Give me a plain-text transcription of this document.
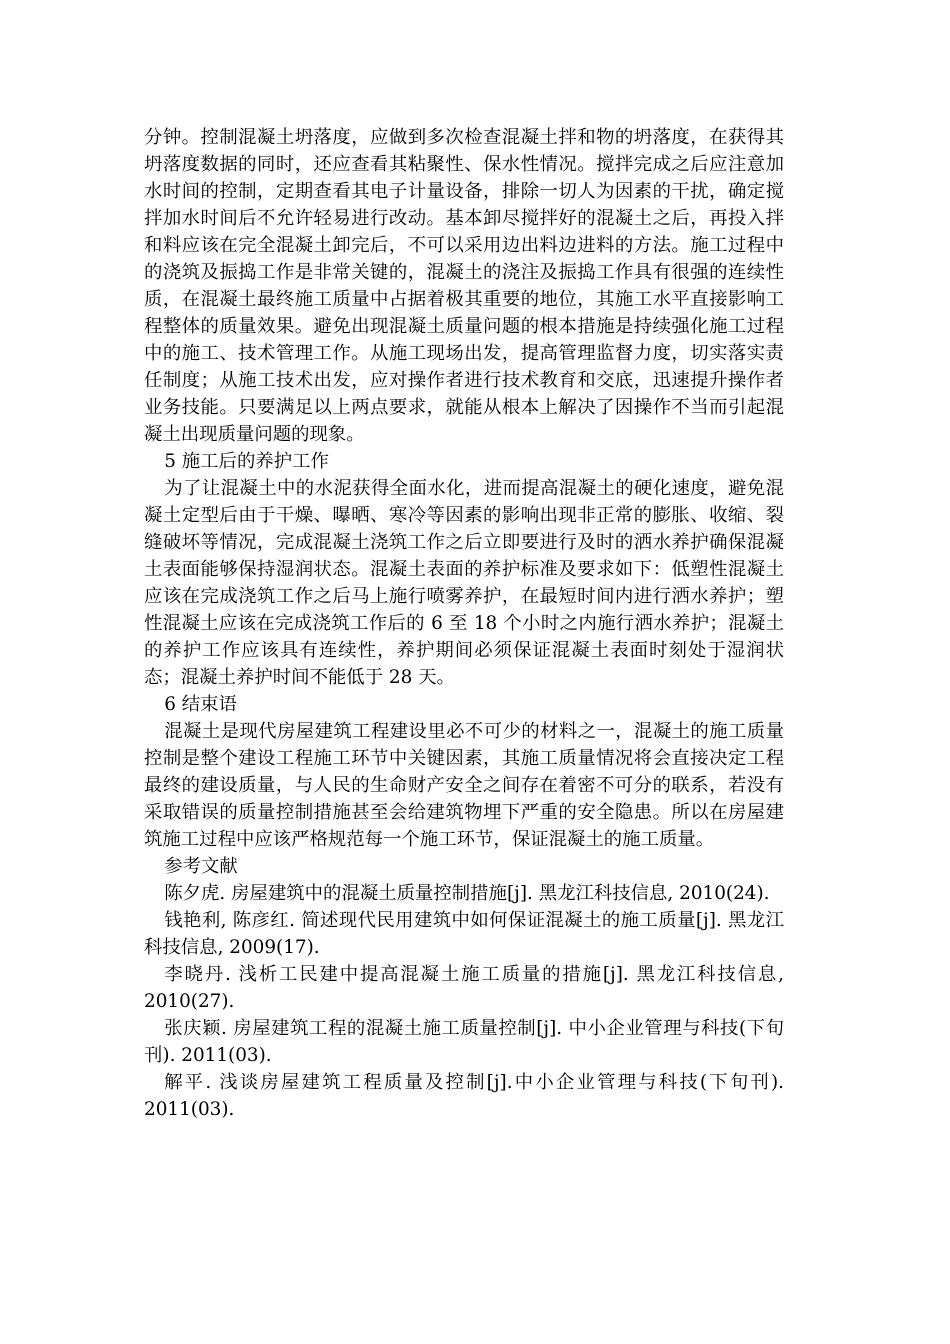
分钟。控制混凝土坍落度，应做到多次检查混凝土拌和物的坍落度，在获得其坍落度数据的同时，还应查看其粘聚性、保水性情况。搅拌完成之后应注意加水时间的控制，定期查看其电子计量设备，排除一切人为因素的干扰，确定搅拌加水时间后不允许轻易进行改动。基本卸尽搅拌好的混凝土之后，再投入拌和料应该在完全混凝土卸完后，不可以采用边出料边进料的方法。施工过程中的浇筑及振捣工作是非常关键的，混凝土的浇注及振捣工作具有很强的连续性质，在混凝土最终施工质量中占据着极其重要的地位，其施工水平直接影响工程整体的质量效果。避免出现混凝土质量问题的根本措施是持续强化施工过程中的施工、技术管理工作。从施工现场出发，提高管理监督力度，切实落实责任制度；从施工技术出发，应对操作者进行技术教育和交底，迅速提升操作者业务技能。只要满足以上两点要求，就能从根本上解决了因操作不当而引起混凝土出现质量问题的现象。

5 施工后的养护工作

为了让混凝土中的水泥获得全面水化，进而提高混凝土的硬化速度，避免混凝土定型后由于干燥、曝晒、寒冷等因素的影响出现非正常的膨胀、收缩、裂缝破坏等情况，完成混凝土浇筑工作之后立即要进行及时的洒水养护确保混凝土表面能够保持湿润状态。混凝土表面的养护标准及要求如下：低塑性混凝土应该在完成浇筑工作之后马上施行喷雾养护，在最短时间内进行洒水养护；塑性混凝土应该在完成浇筑工作后的 6 至 18 个小时之内施行洒水养护；混凝土的养护工作应该具有连续性，养护期间必须保证混凝土表面时刻处于湿润状态；混凝土养护时间不能低于 28 天。

6 结束语

混凝土是现代房屋建筑工程建设里必不可少的材料之一，混凝土的施工质量控制是整个建设工程施工环节中关键因素，其施工质量情况将会直接决定工程最终的建设质量，与人民的生命财产安全之间存在着密不可分的联系，若没有采取错误的质量控制措施甚至会给建筑物埋下严重的安全隐患。所以在房屋建筑施工过程中应该严格规范每一个施工环节，保证混凝土的施工质量。

参考文献

陈夕虎. 房屋建筑中的混凝土质量控制措施[j]. 黑龙江科技信息, 2010(24).

钱艳利, 陈彦红. 简述现代民用建筑中如何保证混凝土的施工质量[j]. 黑龙江科技信息, 2009(17).

李晓丹. 浅析工民建中提高混凝土施工质量的措施[j]. 黑龙江科技信息, 2010(27).

张庆颖. 房屋建筑工程的混凝土施工质量控制[j]. 中小企业管理与科技(下旬刊). 2011(03).

解平. 浅谈房屋建筑工程质量及控制[j].中小企业管理与科技(下旬刊). 2011(03).
